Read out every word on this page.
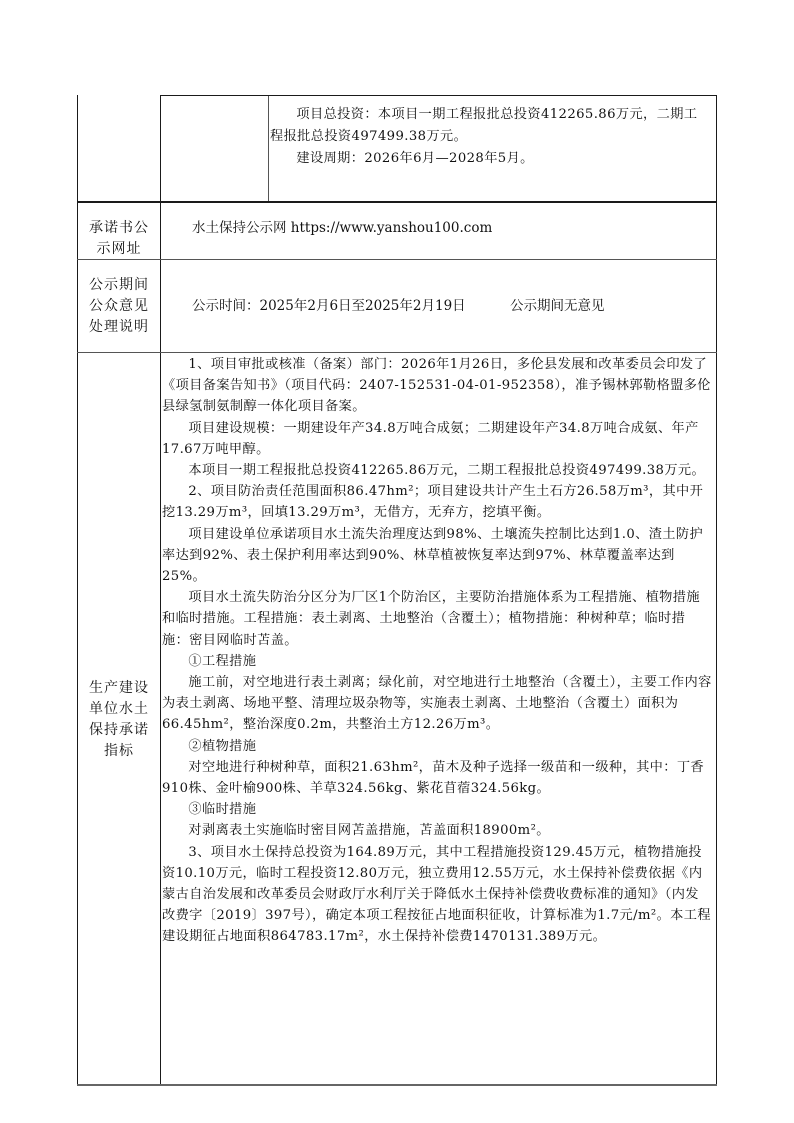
项目总投资：本项目一期工程报批总投资412265.86万元，二期工程报批总投资497499.38万元。

建设周期：2026年6月—2028年5月。

承诺书公
示网址
水土保持公示网 https://www.yanshou100.com
公示期间
公众意见
处理说明
公示时间：2025年2月6日至2025年2月19日	公示期间无意见
生产建设
单位水土
保持承诺
指标

1、项目审批或核准（备案）部门：2026年1月26日，多伦县发展和改革委员会印发了《项目备案告知书》（项目代码：2407-152531-04-01-952358），准予锡林郭勒格盟多伦县绿氢制氨制醇一体化项目备案。

项目建设规模：一期建设年产34.8万吨合成氨；二期建设年产34.8万吨合成氨、年产17.67万吨甲醇。

本项目一期工程报批总投资412265.86万元，二期工程报批总投资497499.38万元。

2、项目防治责任范围面积86.47hm²；项目建设共计产生土石方26.58万m³，其中开挖13.29万m³，回填13.29万m³，无借方，无弃方，挖填平衡。

项目建设单位承诺项目水土流失治理度达到98%、土壤流失控制比达到1.0、渣土防护率达到92%、表土保护利用率达到90%、林草植被恢复率达到97%、林草覆盖率达到25%。

项目水土流失防治分区分为厂区1个防治区，主要防治措施体系为工程措施、植物措施和临时措施。工程措施：表土剥离、土地整治（含覆土）；植物措施：种树种草；临时措施：密目网临时苫盖。

①工程措施

施工前，对空地进行表土剥离；绿化前，对空地进行土地整治（含覆土），主要工作内容为表土剥离、场地平整、清理垃圾杂物等，实施表土剥离、土地整治（含覆土）面积为66.45hm²，整治深度0.2m，共整治土方12.26万m³。

②植物措施

对空地进行种树种草，面积21.63hm²，苗木及种子选择一级苗和一级种，其中：丁香910株、金叶榆900株、羊草324.56kg、紫花苜蓿324.56kg。

③临时措施

对剥离表土实施临时密目网苫盖措施，苫盖面积18900m²。

3、项目水土保持总投资为164.89万元，其中工程措施投资129.45万元，植物措施投资10.10万元，临时工程投资12.80万元，独立费用12.55万元，水土保持补偿费依据《内蒙古自治发展和改革委员会财政厅水利厅关于降低水土保持补偿费收费标准的通知》（内发改费字〔2019〕397号），确定本项工程按征占地面积征收，计算标准为1.7元/m²。本工程建设期征占地面积864783.17m²，水土保持补偿费1470131.389万元。
